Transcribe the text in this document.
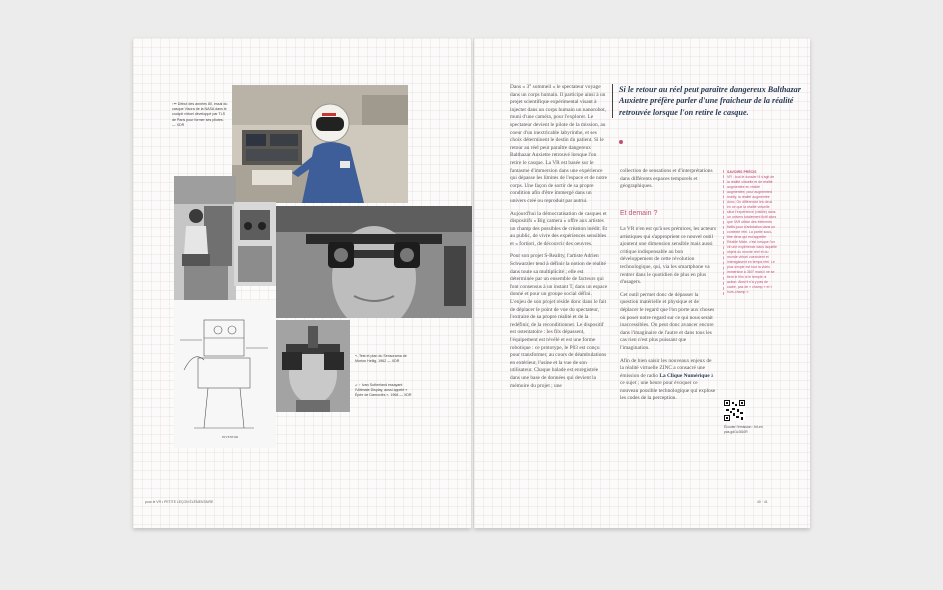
↑↦ Début des années 80, essai du casque Visora de la NASA dans le cockpit virtuel développé par TLS de Paris pour former ses pilotes. — XDR
↖ Test et plan du Sensorama de Morton Heilig, 1962 — XDR
↙ ↑ Ivan Sutherland essayant l'Ultimate Display, aussi appelé « Épée de Damoclès », 1968 — XDR
INVENTOR
pour le VR • PETITE LEÇON ÉLÉMENTAIRE

Dans « 3° sommeil » le spectateur voyage dans un corps humain. Il participe ainsi à un projet scientifique expérimental visant à injecter dans un corps humain un nanorobot, muni d'une caméra, pour l'explorer. Le spectateur devient le pilote de la mission, au coeur d'un inextricable labyrinthe, et ses choix déterminent le destin du patient. Si le retour au réel peut paraître dangereux Balthazar Auxietre retrouvé lorsque l'on retire le casque. La VR est basée sur le fantasme d'immersion dans une expérience qui dépasse les limites de l'espace et de notre corps. Une façon de sortir de sa propre condition afin d'être immergé dans un univers créé ou reproduit par autrui.

Aujourd'hui la démocratisation de casques et dispositifs « Big camera » offre aux artistes un champ des possibles de création inédit. Et au public, de vivre des expériences sensibles et « fortiori, de découvrir des oeuvres.

Pour son projet S-Reality, l'artiste Adrien Schwarzler tend à définir la notion de réalité dans toute sa multiplicité ; elle est déterminée par un ensemble de facteurs qui font consensus à un instant T, dans un espace donné et pour un groupe social défini. L'enjeu de son projet réside donc dans le fait de déplacer le point de vue du spectateur, l'extraire de sa propre réalité et de la redéfinir, de la reconditionner. Le dispositif est ostentatoire : les fils dépassent, l'équipement est révélé et est une forme robotique : ce prototype, le P03 est conçu pour transformer, au cours de déambulations en extérieur, l'usine et la vue de son utilisateur. Chaque balade est enregistrée dans une base de données qui devient la mémoire du projet ; une

Si le retour au réel peut paraître dangereux Balthazar Auxietre préfère parler d'une fraicheur de la réalité retrouvée lorsque l'on retire le casque.

collection de sensations et d'interprétations dans différents espaces temporels et géographiques.

Et demain ?

La VR n'en est qu'à ses prémices, les acteurs artistiques qui s'approprient ce nouvel outil ajoutent une dimension sensible mais aussi critique indispensable au bon développement de cette révolution technologique, qui, via les smartphone va rentrer dans le quotidien de plus en plus d'usagers.

Cet outil permet donc de dépasser la question matérielle et physique et de déplacer le regard que l'on porte aux choses où poser notre regard sur ce qui nous serait inaccessibles. On peut donc avancer encore dans l'imaginaire de l'autre et dans tous les cas rien n'est plus puissant que l'imagination.

Afin de bien saisir les nouveaux enjeux de la réalité virtuelle ZINC a consacré une émission de radio La Clique Numérique à ce sujet ; une heure pour évoquer ce nouveau possible technologique qui explose les codes de la perception.

SAVOIRS PRÉCIS
VR : tout le dossier! Il s'agit de la réalité virtuelle et de réalité augmentée en réalité augmentée, pour augmented reality, la réalité augmentée donc. On différencie les deux en ce que la réalité virtuelle situe l'expérience (visible) dans un univers totalement fictif alors que l'AR utilise des éléments fictifs pour d'animation dans un contexte réel. La partie sous-titre deux qui est appelée Réalité Mixte, c'est lorsque l'on vit une expérience dans laquelle objets du monde réel et du monde virtuel coexistent et interagissent en temps réel. Le plus simple est tout la vidéo immersive à 360° mais il ne se tient le film ni le temple ni action. Ainsi il n'a y pas de cadre, pas de « champ » et « hors-champ ».
Écouter l'émission : bit-en pas.gd/1c3t10R
40 · 41
